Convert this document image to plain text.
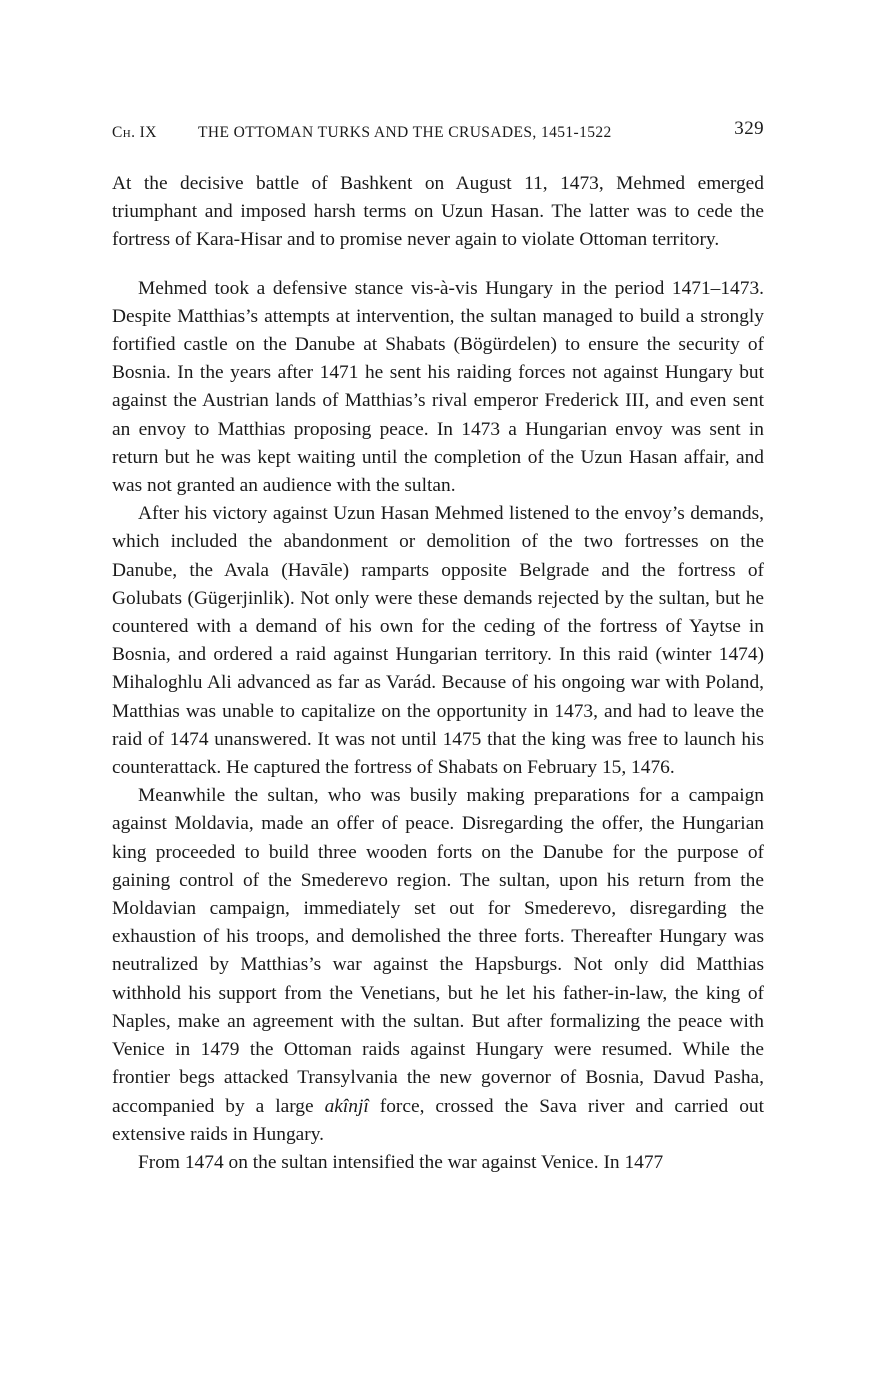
Ch. IX	THE OTTOMAN TURKS AND THE CRUSADES, 1451-1522	329

At the decisive battle of Bashkent on August 11, 1473, Mehmed emerged triumphant and imposed harsh terms on Uzun Hasan. The latter was to cede the fortress of Kara-Hisar and to promise never again to violate Ottoman territory.

Mehmed took a defensive stance vis-à-vis Hungary in the period 1471–1473. Despite Matthias’s attempts at intervention, the sultan managed to build a strongly fortified castle on the Danube at Shabats (Bögürdelen) to ensure the security of Bosnia. In the years after 1471 he sent his raiding forces not against Hungary but against the Austrian lands of Matthias’s rival emperor Frederick III, and even sent an envoy to Matthias proposing peace. In 1473 a Hungarian envoy was sent in return but he was kept waiting until the completion of the Uzun Hasan affair, and was not granted an audience with the sultan.

After his victory against Uzun Hasan Mehmed listened to the envoy’s demands, which included the abandonment or demolition of the two fortresses on the Danube, the Avala (Havāle) ramparts opposite Belgrade and the fortress of Golubats (Gügerjinlik). Not only were these demands rejected by the sultan, but he countered with a demand of his own for the ceding of the fortress of Yaytse in Bosnia, and ordered a raid against Hungarian territory. In this raid (winter 1474) Mihaloghlu Ali advanced as far as Varád. Because of his ongoing war with Poland, Matthias was unable to capitalize on the opportunity in 1473, and had to leave the raid of 1474 unanswered. It was not until 1475 that the king was free to launch his counterattack. He captured the fortress of Shabats on February 15, 1476.

Meanwhile the sultan, who was busily making preparations for a campaign against Moldavia, made an offer of peace. Disregarding the offer, the Hungarian king proceeded to build three wooden forts on the Danube for the purpose of gaining control of the Smederevo region. The sultan, upon his return from the Moldavian campaign, immediately set out for Smederevo, disregarding the exhaustion of his troops, and demolished the three forts. Thereafter Hungary was neutralized by Matthias’s war against the Hapsburgs. Not only did Matthias withhold his support from the Venetians, but he let his father-in-law, the king of Naples, make an agreement with the sultan. But after formalizing the peace with Venice in 1479 the Ottoman raids against Hungary were resumed. While the frontier begs attacked Transylvania the new governor of Bosnia, Davud Pasha, accompanied by a large akînjî force, crossed the Sava river and carried out extensive raids in Hungary.

From 1474 on the sultan intensified the war against Venice. In 1477
